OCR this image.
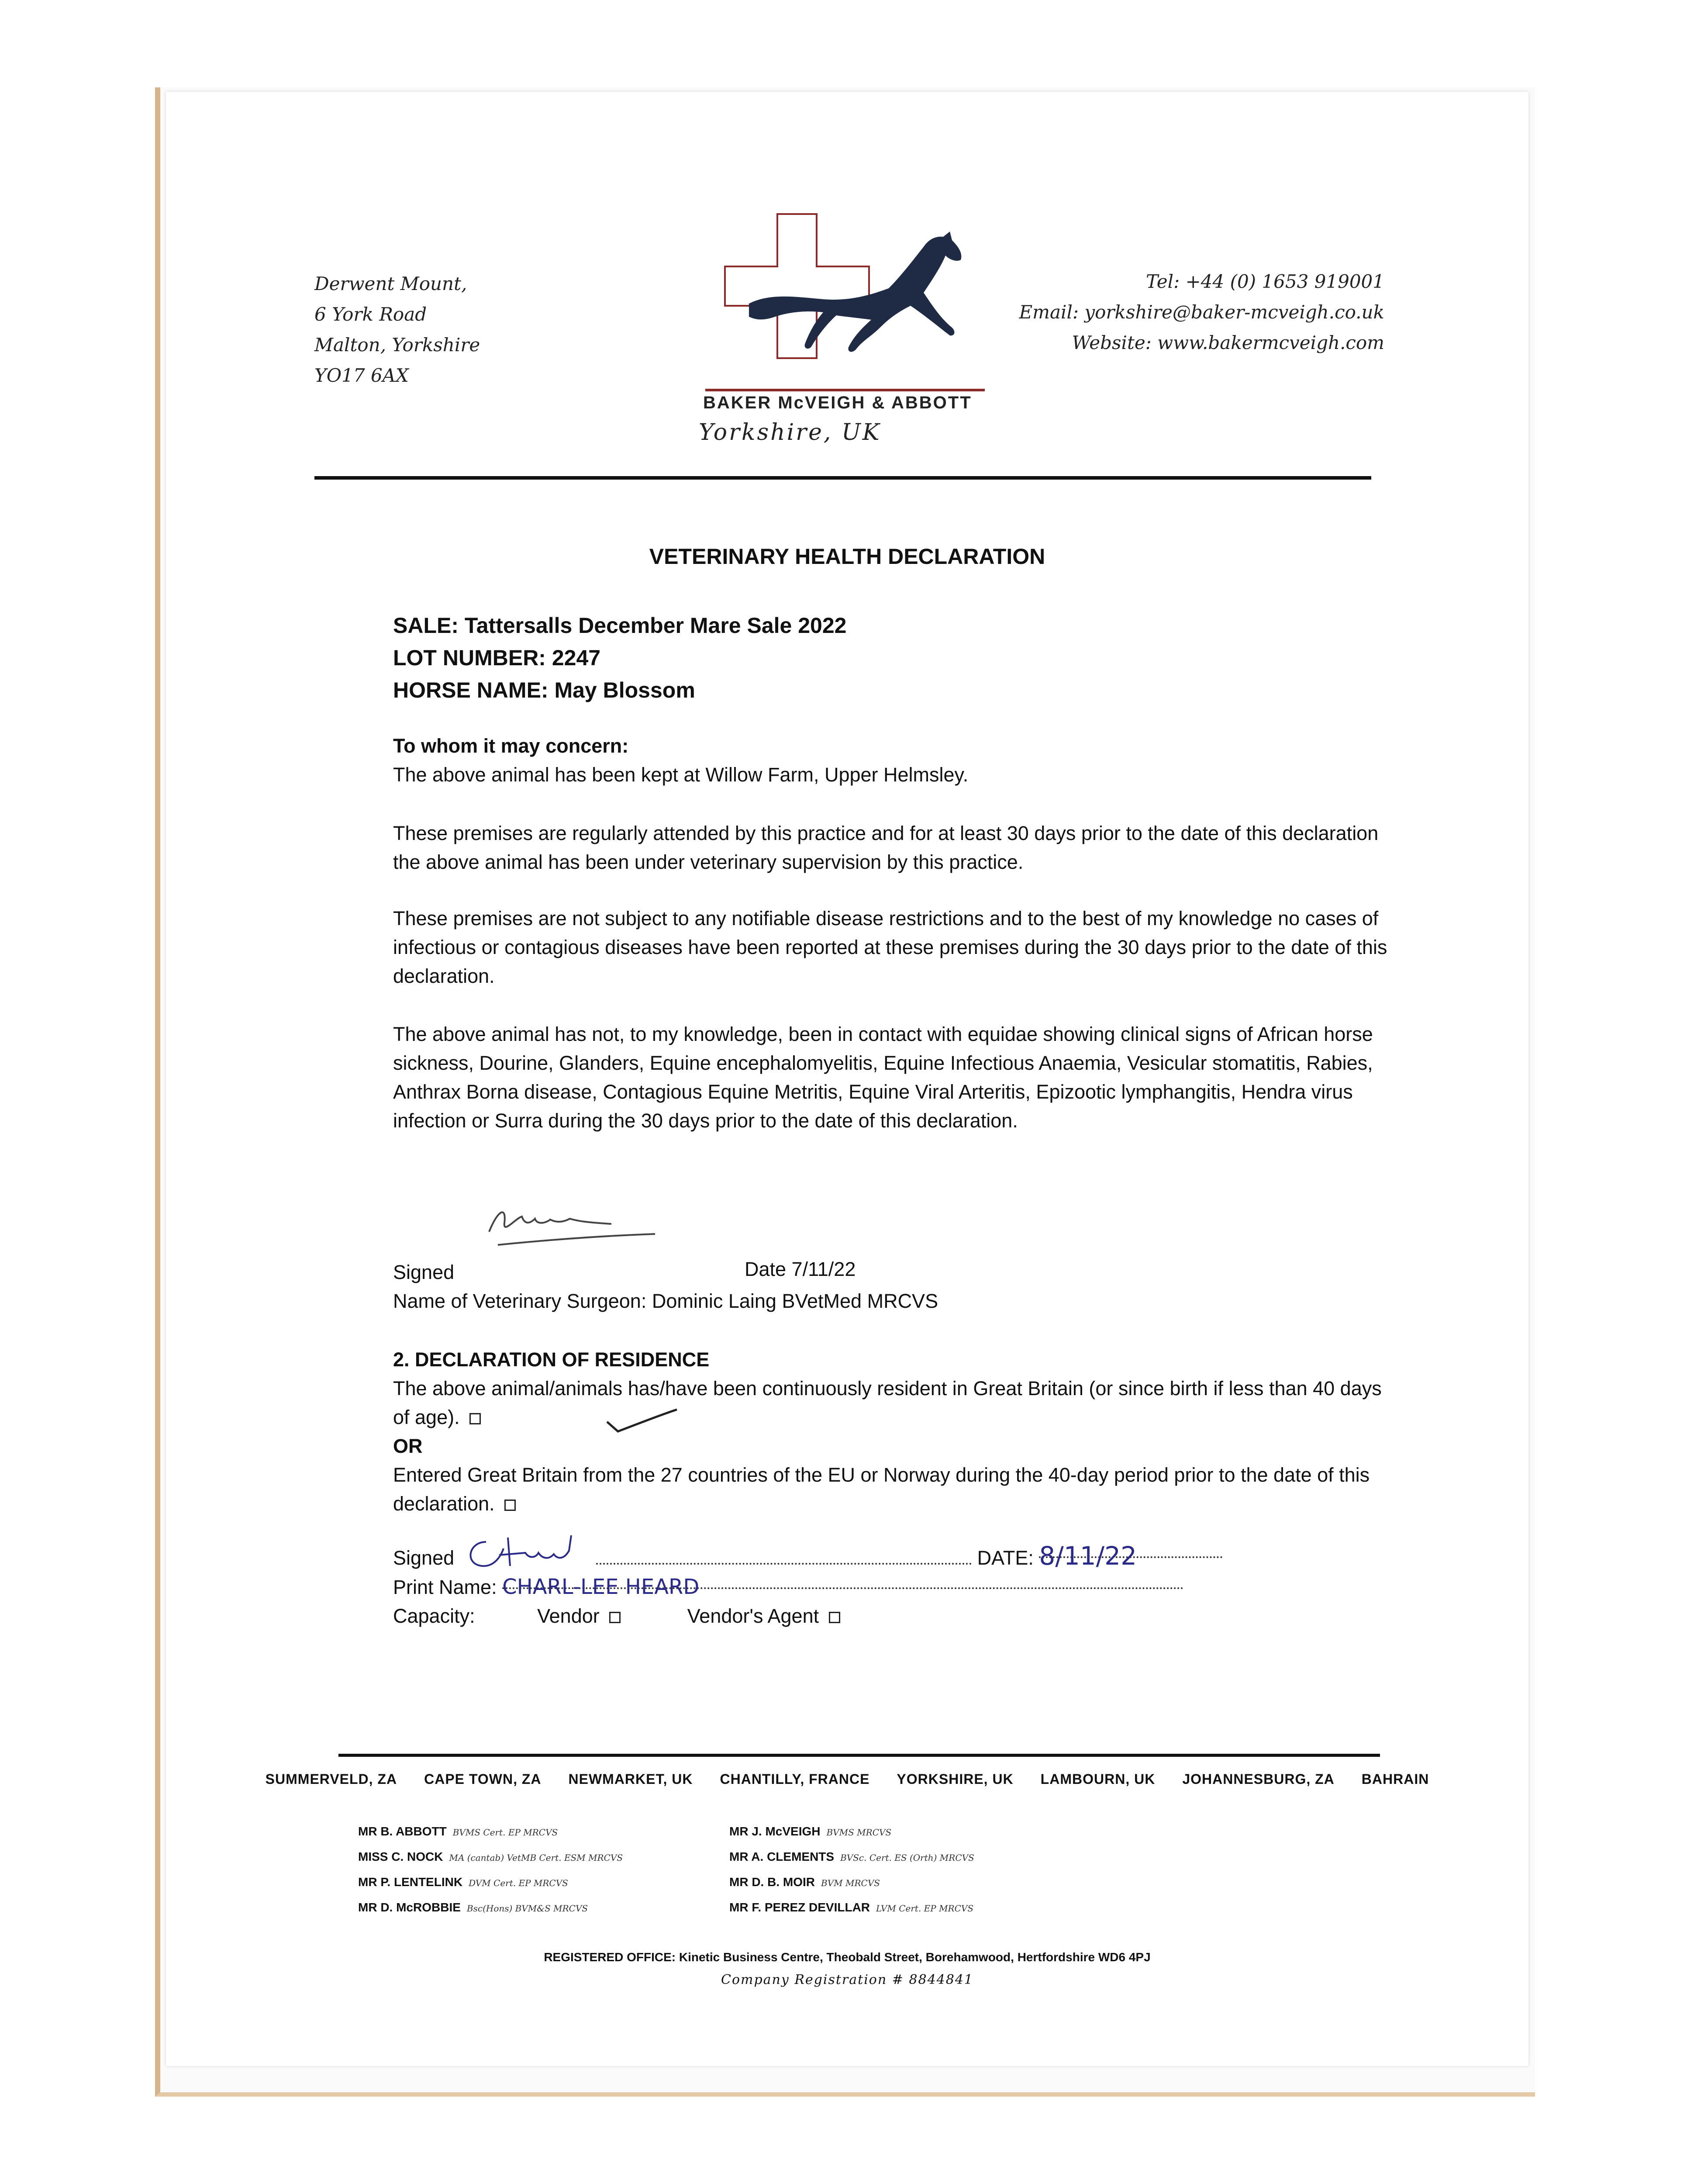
Derwent Mount,
6 York Road
Malton, Yorkshire
YO17 6AX
BAKER McVEIGH & ABBOTT
Yorkshire, UK
Tel: +44 (0) 1653 919001
Email: yorkshire@baker-mcveigh.co.uk
Website: www.bakermcveigh.com
VETERINARY HEALTH DECLARATION
SALE: Tattersalls December Mare Sale 2022
LOT NUMBER: 2247
HORSE NAME: May Blossom
To whom it may concern:
The above animal has been kept at Willow Farm, Upper Helmsley.
These premises are regularly attended by this practice and for at least 30 days prior to the date of this declaration the above animal has been under veterinary supervision by this practice.
These premises are not subject to any notifiable disease restrictions and to the best of my knowledge no cases of infectious or contagious diseases have been reported at these premises during the 30 days prior to the date of this declaration.
The above animal has not, to my knowledge, been in contact with equidae showing clinical signs of African horse sickness, Dourine, Glanders, Equine encephalomyelitis, Equine Infectious Anaemia, Vesicular stomatitis, Rabies, Anthrax Borna disease, Contagious Equine Metritis, Equine Viral Arteritis, Epizootic lymphangitis, Hendra virus infection or Surra during the 30 days prior to the date of this declaration.
Signed
Name of Veterinary Surgeon: Dominic Laing BVetMed MRCVS
Date 7/11/22
2. DECLARATION OF RESIDENCE
The above animal/animals has/have been continuously resident in Great Britain (or since birth if less than 40 days of age).
OR
Entered Great Britain from the 27 countries of the EU or Norway during the 40-day period prior to the date of this declaration.
Signed	DATE: 8/11/22
Print Name: CHARL-LEE HEARD
Capacity:	Vendor	Vendor's Agent
SUMMERVELD, ZA CAPE TOWN, ZA NEWMARKET, UK CHANTILLY, FRANCE YORKSHIRE, UK LAMBOURN, UK JOHANNESBURG, ZA BAHRAIN
MR B. ABBOTT BVMS Cert. EP MRCVS
MISS C. NOCK MA (cantab) VetMB Cert. ESM MRCVS
MR P. LENTELINK DVM Cert. EP MRCVS
MR D. McROBBIE Bsc(Hons) BVM&S MRCVS
MR J. McVEIGH BVMS MRCVS
MR A. CLEMENTS BVSc. Cert. ES (Orth) MRCVS
MR D. B. MOIR BVM MRCVS
MR F. PEREZ DEVILLAR LVM Cert. EP MRCVS
REGISTERED OFFICE: Kinetic Business Centre, Theobald Street, Borehamwood, Hertfordshire WD6 4PJ
Company Registration # 8844841
